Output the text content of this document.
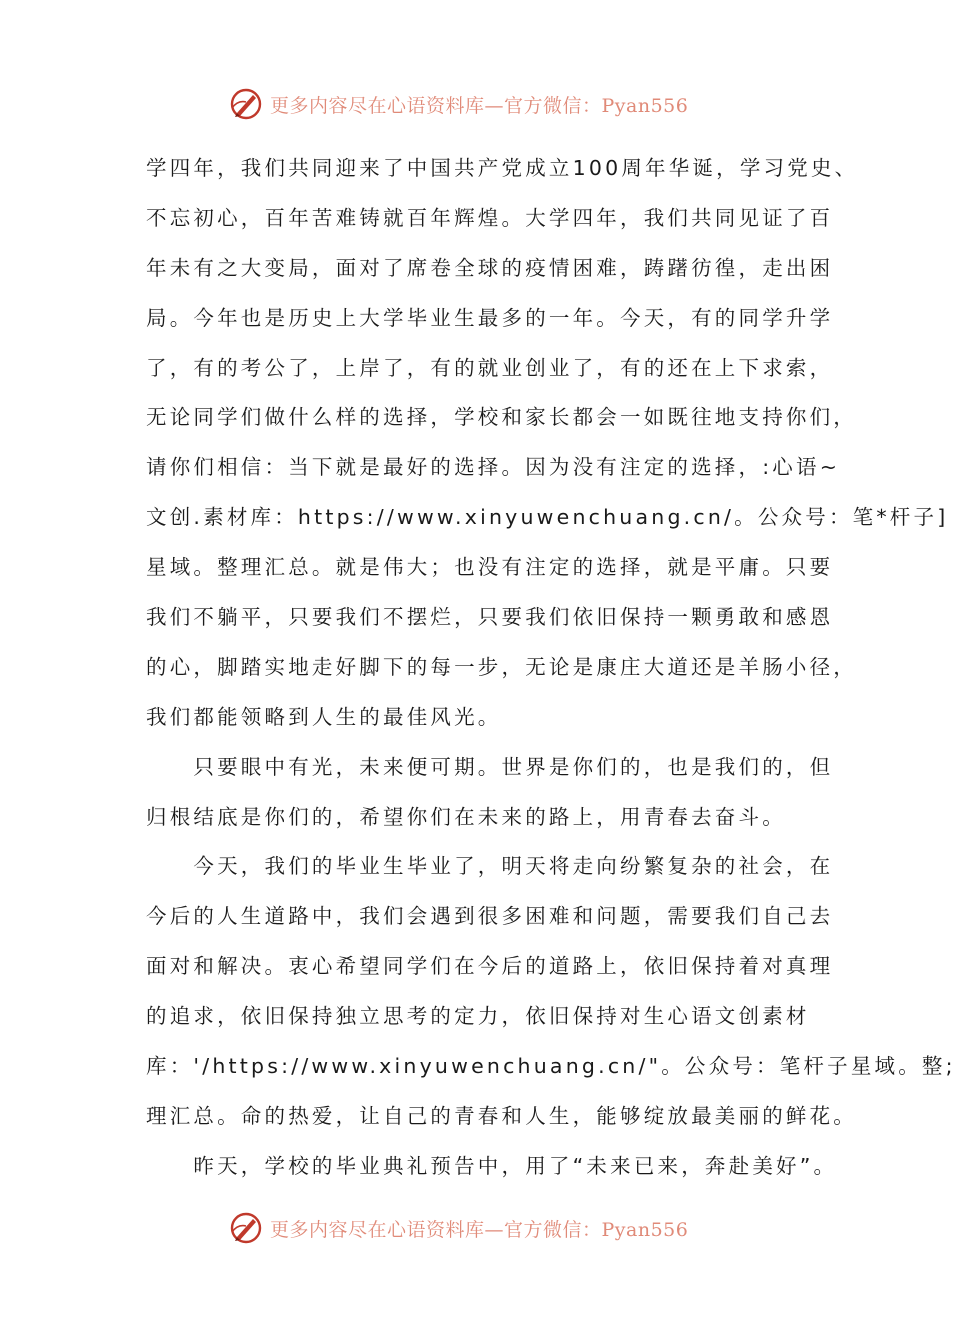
更多内容尽在心语资料库—官方微信：Pyan556
学四年，我们共同迎来了中国共产党成立100周年华诞，学习党史、
不忘初心，百年苦难铸就百年辉煌。大学四年，我们共同见证了百
年未有之大变局，面对了席卷全球的疫情困难，踌躇彷徨，走出困
局。今年也是历史上大学毕业生最多的一年。今天，有的同学升学
了，有的考公了，上岸了，有的就业创业了，有的还在上下求索，
无论同学们做什么样的选择，学校和家长都会一如既往地支持你们，
请你们相信：当下就是最好的选择。因为没有注定的选择，:心语~
文创.素材库：https://www.xinyuwenchuang.cn/。公众号：笔*杆子]
星域。整理汇总。就是伟大；也没有注定的选择，就是平庸。只要
我们不躺平，只要我们不摆烂，只要我们依旧保持一颗勇敢和感恩
的心，脚踏实地走好脚下的每一步，无论是康庄大道还是羊肠小径，
我们都能领略到人生的最佳风光。
　　只要眼中有光，未来便可期。世界是你们的，也是我们的，但
归根结底是你们的，希望你们在未来的路上，用青春去奋斗。
　　今天，我们的毕业生毕业了，明天将走向纷繁复杂的社会，在
今后的人生道路中，我们会遇到很多困难和问题，需要我们自己去
面对和解决。衷心希望同学们在今后的道路上，依旧保持着对真理
的追求，依旧保持独立思考的定力，依旧保持对生心语文创素材
库：'/https://www.xinyuwenchuang.cn/"。公众号：笔杆子星域。整;
理汇总。命的热爱，让自己的青春和人生，能够绽放最美丽的鲜花。
　　昨天，学校的毕业典礼预告中，用了“未来已来，奔赴美好”。
更多内容尽在心语资料库—官方微信：Pyan556
